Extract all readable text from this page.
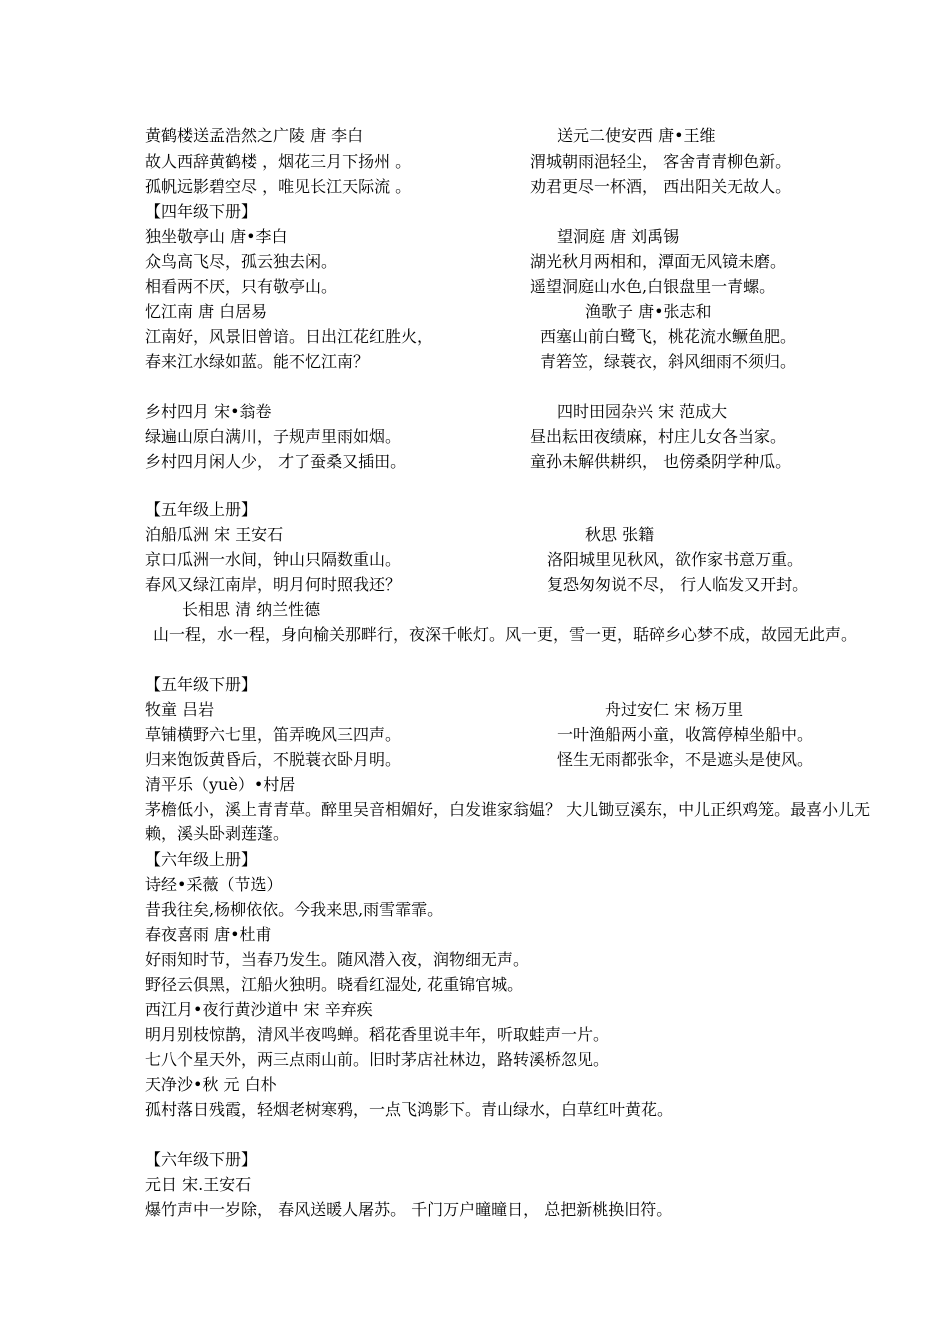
黄鹤楼送孟浩然之广陵 唐 李白	送元二使安西 唐•王维
故人西辞黄鹤楼 ，烟花三月下扬州 。	渭城朝雨浥轻尘， 客舍青青柳色新。
孤帆远影碧空尽 ，唯见长江天际流 。	劝君更尽一杯酒， 西出阳关无故人。
【四年级下册】
独坐敬亭山 唐•李白	望洞庭 唐 刘禹锡
众鸟高飞尽，孤云独去闲。	湖光秋月两相和，潭面无风镜未磨。
相看两不厌，只有敬亭山。	遥望洞庭山水色,白银盘里一青螺。
忆江南 唐 白居易	渔歌子 唐•张志和
江南好，风景旧曾谙。日出江花红胜火，	西塞山前白鹭飞，桃花流水鳜鱼肥。
春来江水绿如蓝。能不忆江南？	青箬笠，绿蓑衣，斜风细雨不须归。
乡村四月 宋•翁卷	四时田园杂兴 宋 范成大
绿遍山原白满川，子规声里雨如烟。	昼出耘田夜绩麻，村庄儿女各当家。
乡村四月闲人少， 才了蚕桑又插田。	童孙未解供耕织， 也傍桑阴学种瓜。
【五年级上册】
泊船瓜洲 宋 王安石	秋思 张籍
京口瓜洲一水间，钟山只隔数重山。	洛阳城里见秋风，欲作家书意万重。
春风又绿江南岸，明月何时照我还？	复恐匆匆说不尽， 行人临发又开封。
长相思 清 纳兰性德
山一程，水一程，身向榆关那畔行，夜深千帐灯。风一更，雪一更，聒碎乡心梦不成，故园无此声。
【五年级下册】
牧童 吕岩	舟过安仁 宋 杨万里
草铺横野六七里，笛弄晚风三四声。	一叶渔船两小童，收篙停棹坐船中。
归来饱饭黄昏后，不脱蓑衣卧月明。	怪生无雨都张伞，不是遮头是使风。
清平乐（yuè）•村居
茅檐低小，溪上青青草。醉里吴音相媚好，白发谁家翁媪？ 大儿锄豆溪东，中儿正织鸡笼。最喜小儿无赖，溪头卧剥莲蓬。
【六年级上册】
诗经•采薇（节选）
昔我往矣,杨柳依依。今我来思,雨雪霏霏。
春夜喜雨 唐•杜甫
好雨知时节，当春乃发生。随风潜入夜，润物细无声。
野径云俱黑，江船火独明。晓看红湿处, 花重锦官城。
西江月•夜行黄沙道中 宋 辛弃疾
明月别枝惊鹊，清风半夜鸣蝉。稻花香里说丰年，听取蛙声一片。
七八个星天外，两三点雨山前。旧时茅店社林边，路转溪桥忽见。
天净沙•秋 元 白朴
孤村落日残霞，轻烟老树寒鸦，一点飞鸿影下。青山绿水，白草红叶黄花。
【六年级下册】
元日 宋.王安石
爆竹声中一岁除， 春风送暖人屠苏。 千门万户曈曈日， 总把新桃换旧符。
